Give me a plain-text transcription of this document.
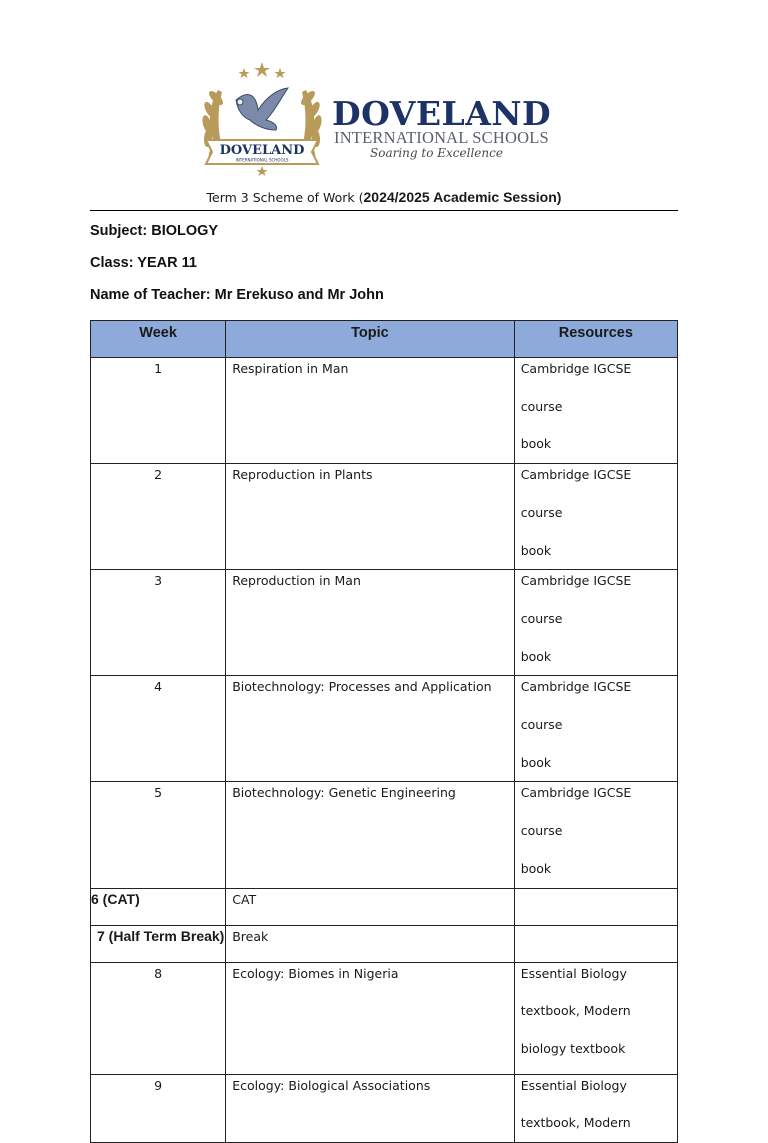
DOVELAND
INTERNATIONAL SCHOOLS
DOVELAND
INTERNATIONAL SCHOOLS
Soaring to Excellence
Term 3 Scheme of Work (2024/2025 Academic Session)
Subject: BIOLOGY
Class: YEAR 11
Name of Teacher: Mr Erekuso and Mr John
Week	Topic	Resources

1	Respiration in Man	Cambridge IGCSE course
book

2	Reproduction in Plants	Cambridge IGCSE course
book

3	Reproduction in Man	Cambridge IGCSE course
book

4	Biotechnology: Processes and Application	Cambridge IGCSE course
book

5	Biotechnology: Genetic Engineering	Cambridge IGCSE course
book

6 (CAT)	CAT	

7 (Half Term Break)	Break	

8	Ecology: Biomes in Nigeria	Essential Biology
textbook, Modern
biology textbook

9	Ecology: Biological Associations	Essential Biology
textbook, Modern
